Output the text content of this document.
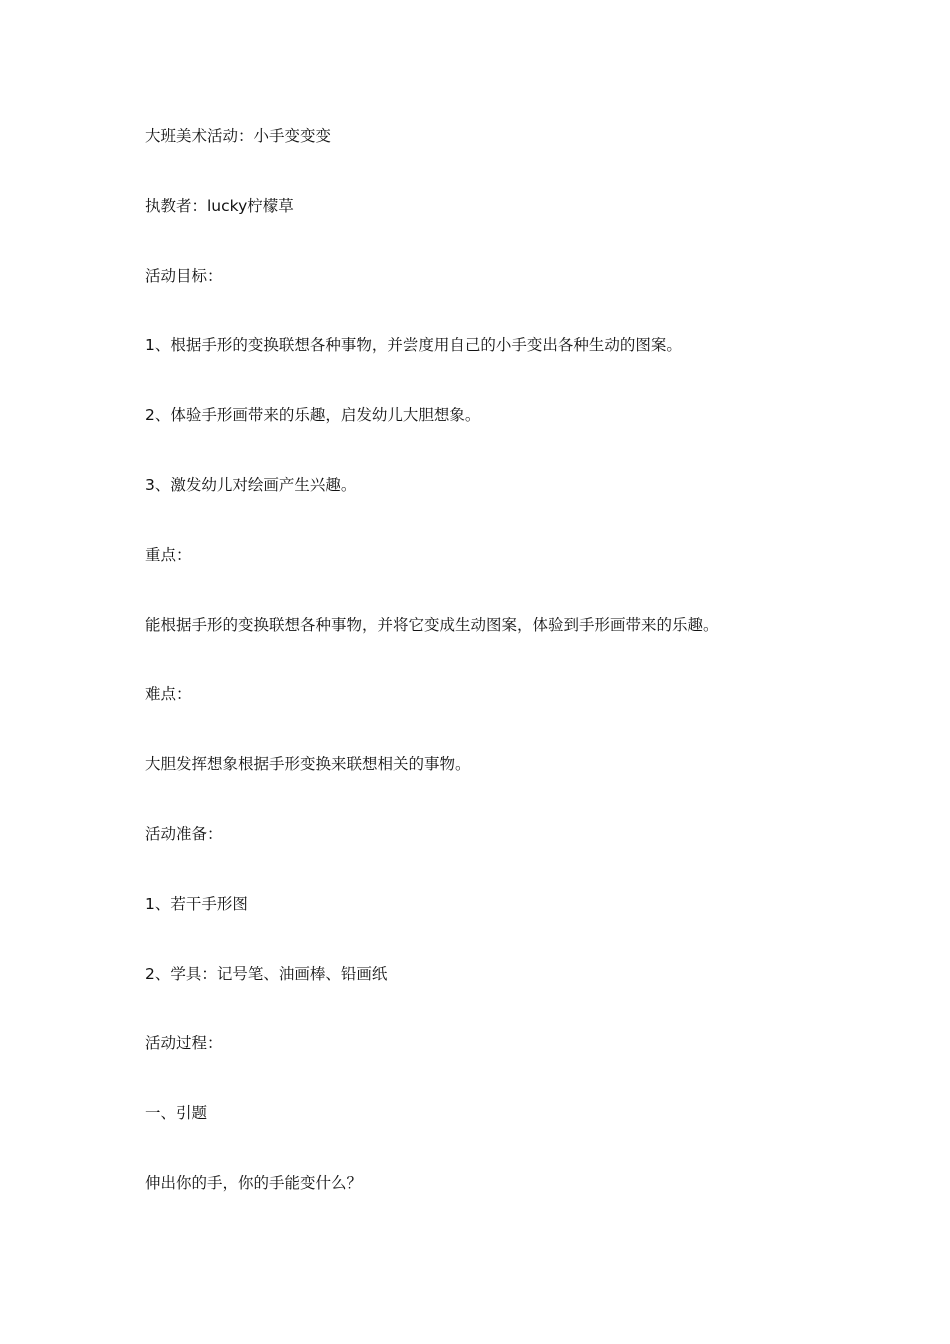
大班美术活动：小手变变变

执教者：lucky柠檬草

活动目标：

1、根据手形的变换联想各种事物，并尝度用自己的小手变出各种生动的图案。

2、体验手形画带来的乐趣，启发幼儿大胆想象。

3、激发幼儿对绘画产生兴趣。

重点：

能根据手形的变换联想各种事物，并将它变成生动图案，体验到手形画带来的乐趣。

难点：

大胆发挥想象根据手形变换来联想相关的事物。

活动准备：

1、若干手形图

2、学具：记号笔、油画棒、铅画纸

活动过程：

一、引题

伸出你的手，你的手能变什么？
